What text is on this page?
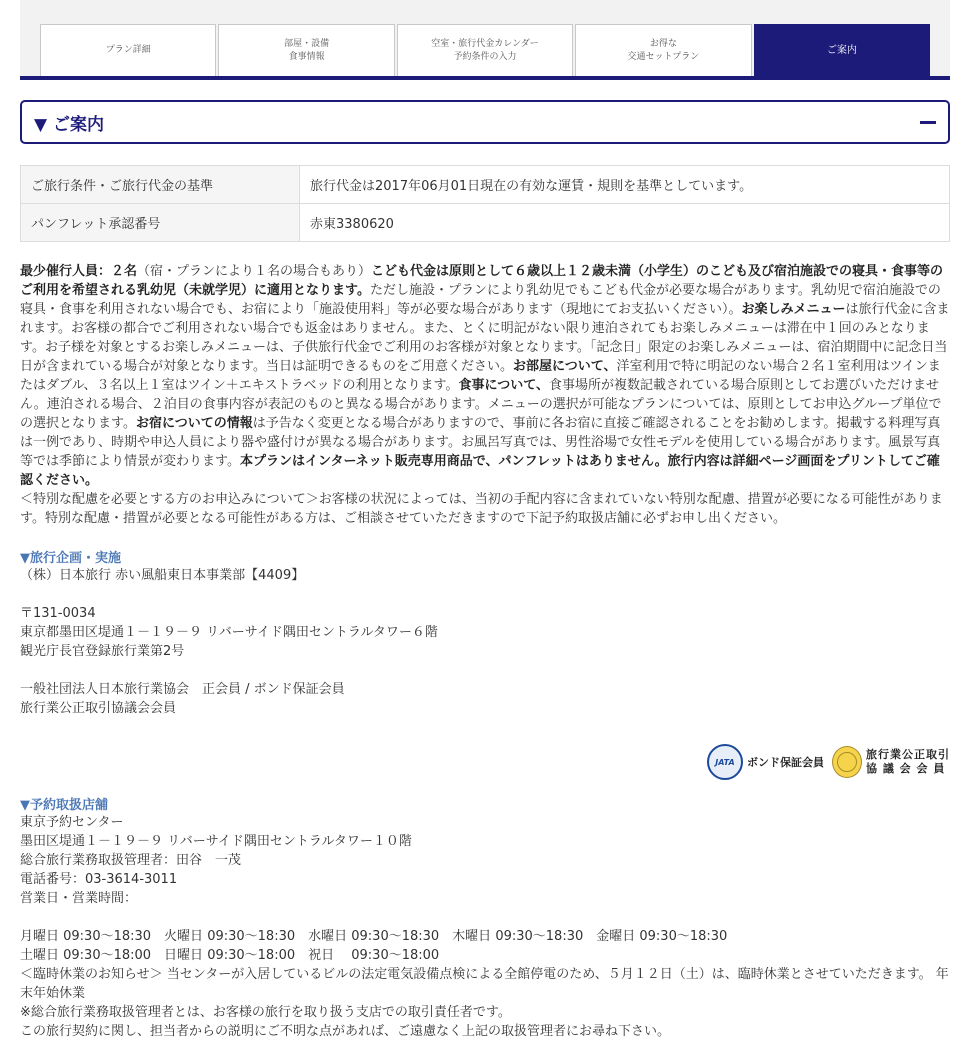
プラン詳細
部屋・設備
食事情報
空室・旅行代金カレンダー
予約条件の入力
お得な
交通セットプラン
ご案内
▼ ご案内
ご旅行条件・ご旅行代金の基準	旅行代金は2017年06月01日現在の有効な運賃・規則を基準としています。
パンフレット承認番号	赤東3380620
最少催行人員：２名（宿・プランにより１名の場合もあり）こども代金は原則として６歳以上１２歳未満（小学生）のこども及び宿泊施設での寝具・食事等のご利用を希望される乳幼児（未就学児）に適用となります。ただし施設・プランにより乳幼児でもこども代金が必要な場合があります。乳幼児で宿泊施設での寝具・食事を利用されない場合でも、お宿により「施設使用料」等が必要な場合があります（現地にてお支払いください）。お楽しみメニューは旅行代金に含まれます。お客様の都合でご利用されない場合でも返金はありません。また、とくに明記がない限り連泊されてもお楽しみメニューは滞在中１回のみとなります。お子様を対象とするお楽しみメニューは、子供旅行代金でご利用のお客様が対象となります。「記念日」限定のお楽しみメニューは、宿泊期間中に記念日当日が含まれている場合が対象となります。当日は証明できるものをご用意ください。お部屋について、洋室利用で特に明記のない場合２名１室利用はツインまたはダブル、３名以上１室はツイン＋エキストラベッドの利用となります。食事について、食事場所が複数記載されている場合原則としてお選びいただけません。連泊される場合、２泊目の食事内容が表記のものと異なる場合があります。メニューの選択が可能なプランについては、原則としてお申込グループ単位での選択となります。お宿についての情報は予告なく変更となる場合がありますので、事前に各お宿に直接ご確認されることをお勧めします。掲載する料理写真は一例であり、時期や申込人員により器や盛付けが異なる場合があります。お風呂写真では、男性浴場で女性モデルを使用している場合があります。風景写真等では季節により情景が変わります。本プランはインターネット販売専用商品で、パンフレットはありません。旅行内容は詳細ページ画面をプリントしてご確認ください。
＜特別な配慮を必要とする方のお申込みについて＞お客様の状況によっては、当初の手配内容に含まれていない特別な配慮、措置が必要になる可能性があります。特別な配慮・措置が必要となる可能性がある方は、ご相談させていただきますので下記予約取扱店舗に必ずお申し出ください。
▼旅行企画・実施
（株）日本旅行 赤い風船東日本事業部【4409】
〒131-0034
東京都墨田区堤通１－１９－９ リバーサイド隅田セントラルタワー６階
観光庁長官登録旅行業第2号
一般社団法人日本旅行業協会　正会員 / ボンド保証会員
旅行業公正取引協議会会員
JATA	ボンド保証会員
旅行業公正取引
協 議 会 会 員
▼予約取扱店舗
東京予約センター
墨田区堤通１－１９－９ リバーサイド隅田セントラルタワー１０階
総合旅行業務取扱管理者：田谷　一茂
電話番号：03-3614-3011
営業日・営業時間：
月曜日 09:30～18:30　火曜日 09:30～18:30　水曜日 09:30～18:30　木曜日 09:30～18:30　金曜日 09:30～18:30
土曜日 09:30～18:00　日曜日 09:30～18:00　祝日　 09:30～18:00
＜臨時休業のお知らせ＞ 当センターが入居しているビルの法定電気設備点検による全館停電のため、５月１２日（土）は、臨時休業とさせていただきます。 年末年始休業
※総合旅行業務取扱管理者とは、お客様の旅行を取り扱う支店での取引責任者です。
この旅行契約に関し、担当者からの説明にご不明な点があれば、ご遠慮なく上記の取扱管理者にお尋ね下さい。
